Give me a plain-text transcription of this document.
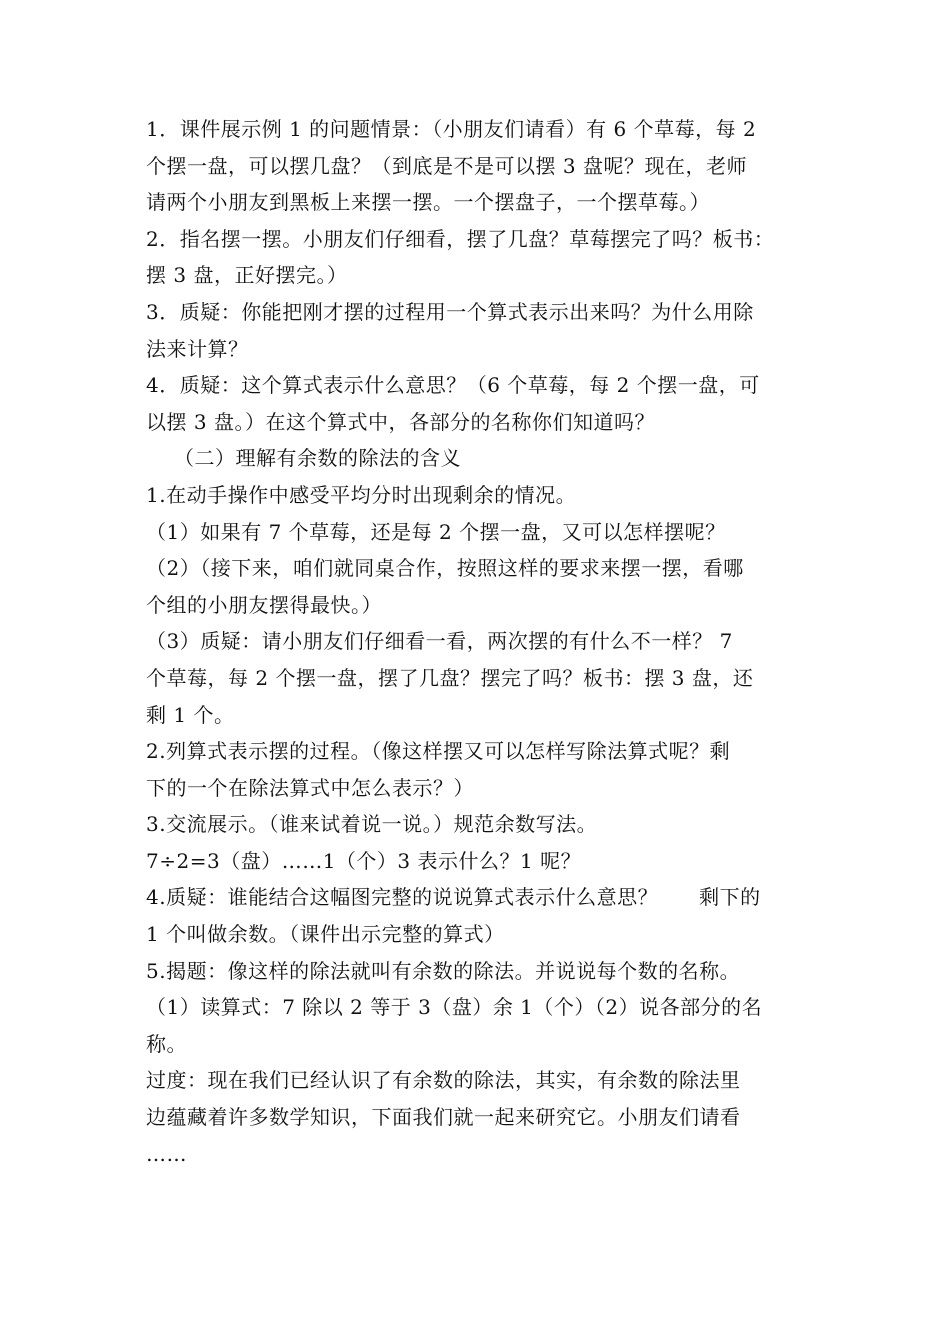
1．课件展示例 1 的问题情景：（小朋友们请看）有 6 个草莓，每 2
个摆一盘，可以摆几盘？（到底是不是可以摆 3 盘呢？现在，老师
请两个小朋友到黑板上来摆一摆。一个摆盘子，一个摆草莓。）
2．指名摆一摆。小朋友们仔细看，摆了几盘？草莓摆完了吗？板书：
摆 3 盘，正好摆完。）
3．质疑：你能把刚才摆的过程用一个算式表示出来吗？为什么用除
法来计算？
4．质疑：这个算式表示什么意思？（6 个草莓，每 2 个摆一盘，可
以摆 3 盘。）在这个算式中，各部分的名称你们知道吗？
（二）理解有余数的除法的含义
1.在动手操作中感受平均分时出现剩余的情况。
（1）如果有 7 个草莓，还是每 2 个摆一盘，又可以怎样摆呢？
（2）（接下来，咱们就同桌合作，按照这样的要求来摆一摆，看哪
个组的小朋友摆得最快。）
（3）质疑：请小朋友们仔细看一看，两次摆的有什么不一样？ 7
个草莓，每 2 个摆一盘，摆了几盘？摆完了吗？板书：摆 3 盘，还
剩 1 个。
2.列算式表示摆的过程。（像这样摆又可以怎样写除法算式呢？剩
下的一个在除法算式中怎么表示？）
3.交流展示。（谁来试着说一说。）规范余数写法。
7÷2=3（盘）……1（个）3 表示什么？1 呢？
4.质疑：谁能结合这幅图完整的说说算式表示什么意思？　　剩下的
1 个叫做余数。（课件出示完整的算式）
5.揭题：像这样的除法就叫有余数的除法。并说说每个数的名称。
（1）读算式：7 除以 2 等于 3（盘）余 1（个）（2）说各部分的名
称。
过度：现在我们已经认识了有余数的除法，其实，有余数的除法里
边蕴藏着许多数学知识，下面我们就一起来研究它。小朋友们请看
……
